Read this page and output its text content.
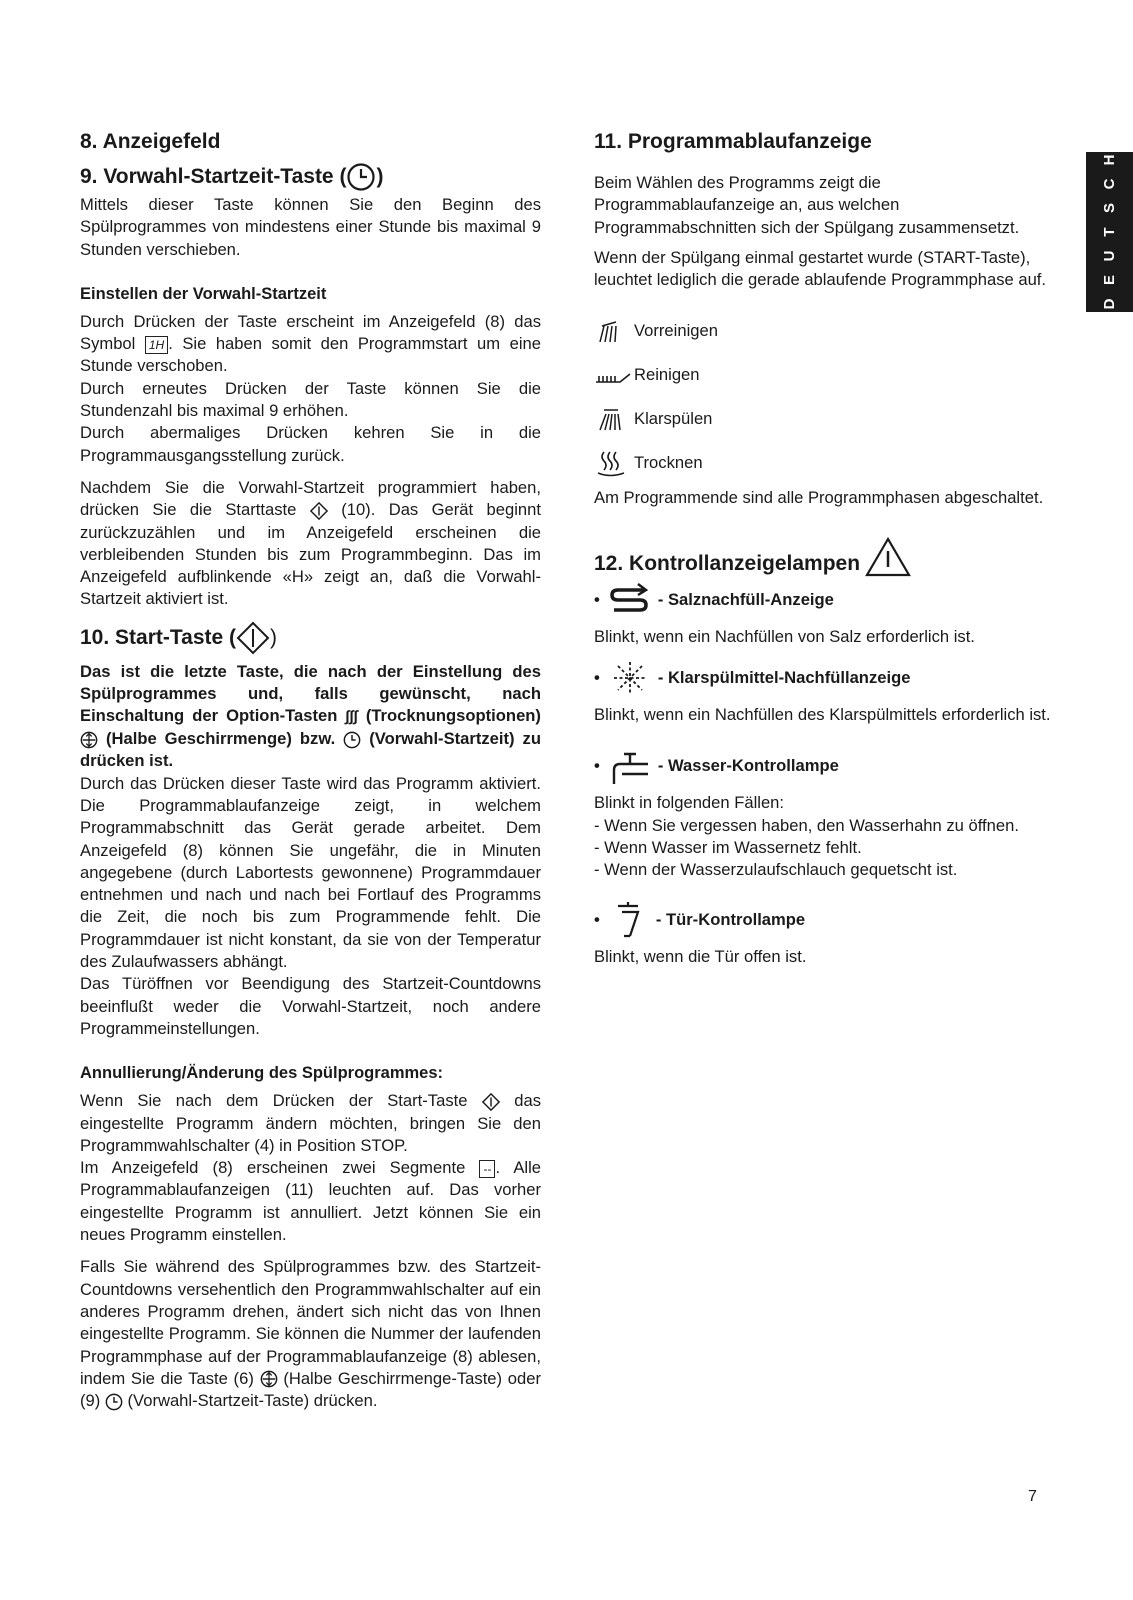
H
C
S
T
U
E
D
8. Anzeigefeld
9. Vorwahl-Startzeit-Taste ( )

Mittels dieser Taste können Sie den Beginn des Spülprogrammes von mindestens einer Stunde bis maximal 9 Stunden verschieben.

Einstellen der Vorwahl-Startzeit

Durch Drücken der Taste erscheint im Anzeigefeld (8) das Symbol 1H . Sie haben somit den Programmstart um eine Stunde verschoben.
Durch erneutes Drücken der Taste können Sie die Stundenzahl bis maximal 9 erhöhen.
Durch abermaliges Drücken kehren Sie in die Programmausgangsstellung zurück.

Nachdem Sie die Vorwahl-Startzeit programmiert haben, drücken Sie die Starttaste	(10). Das Gerät beginnt zurückzuzählen und im Anzeigefeld erscheinen die verbleibenden Stunden bis zum Programmbeginn. Das im Anzeigefeld aufblinkende «H» zeigt an, daß die Vorwahl-Startzeit aktiviert ist.

10. Start-Taste ( )

Das ist die letzte Taste, die nach der Einstellung des Spülprogrammes und, falls gewünscht, nach Einschaltung der Option-Tasten ∫∫∫ (Trocknungsoptionen)  (Halbe Geschirrmenge) bzw. (Vorwahl-Startzeit) zu drücken ist.

Durch das Drücken dieser Taste wird das Programm aktiviert. Die Programmablaufanzeige zeigt, in welchem Programmabschnitt das Gerät gerade arbeitet. Dem Anzeigefeld (8) können Sie ungefähr, die in Minuten angegebene (durch Labortests gewonnene) Programmdauer entnehmen und nach und nach bei Fortlauf des Programms die Zeit, die noch bis zum Programmende fehlt. Die Programmdauer ist nicht konstant, da sie von der Temperatur des Zulaufwassers abhängt.

Das Türöffnen vor Beendigung des Startzeit-Countdowns beeinflußt weder die Vorwahl-Startzeit, noch andere Programmeinstellungen.

Annullierung/Änderung des Spülprogrammes:

Wenn Sie nach dem Drücken der Start-Taste	das eingestellte Programm ändern möchten, bringen Sie den Programmwahlschalter (4) in Position STOP.
Im Anzeigefeld (8) erscheinen zwei Segmente -- . Alle Programmablaufanzeigen (11) leuchten auf. Das vorher eingestellte Programm ist annulliert. Jetzt können Sie ein neues Programm einstellen.

Falls Sie während des Spülprogrammes bzw. des Startzeit-Countdowns versehentlich den Programmwahlschalter auf ein anderes Programm drehen, ändert sich nicht das von Ihnen eingestellte Programm. Sie können die Nummer der laufenden Programmphase auf der Programmablaufanzeige (8) ablesen, indem Sie die Taste (6) (Halbe Geschirrmenge-Taste) oder (9) (Vorwahl-Startzeit-Taste) drücken.

11. Programmablaufanzeige

Beim Wählen des Programms zeigt die Programmablaufanzeige an, aus welchen Programmabschnitten sich der Spülgang zusammensetzt.

Wenn der Spülgang einmal gestartet wurde (START-Taste), leuchtet lediglich die gerade ablaufende Programmphase auf.

Vorreinigen
Reinigen
Klarspülen
Trocknen

Am Programmende sind alle Programmphasen abgeschaltet.

12. Kontrollanzeigelampen
•	- Salznachfüll-Anzeige

Blinkt, wenn ein Nachfüllen von Salz erforderlich ist.

•	- Klarspülmittel-Nachfüllanzeige

Blinkt, wenn ein Nachfüllen des Klarspülmittels erforderlich ist.

•	- Wasser-Kontrollampe

Blinkt in folgenden Fällen:

- Wenn Sie vergessen haben, den Wasserhahn zu öffnen.

- Wenn Wasser im Wassernetz fehlt.

- Wenn der Wasserzulaufschlauch gequetscht ist.

•	- Tür-Kontrollampe

Blinkt, wenn die Tür offen ist.

7
